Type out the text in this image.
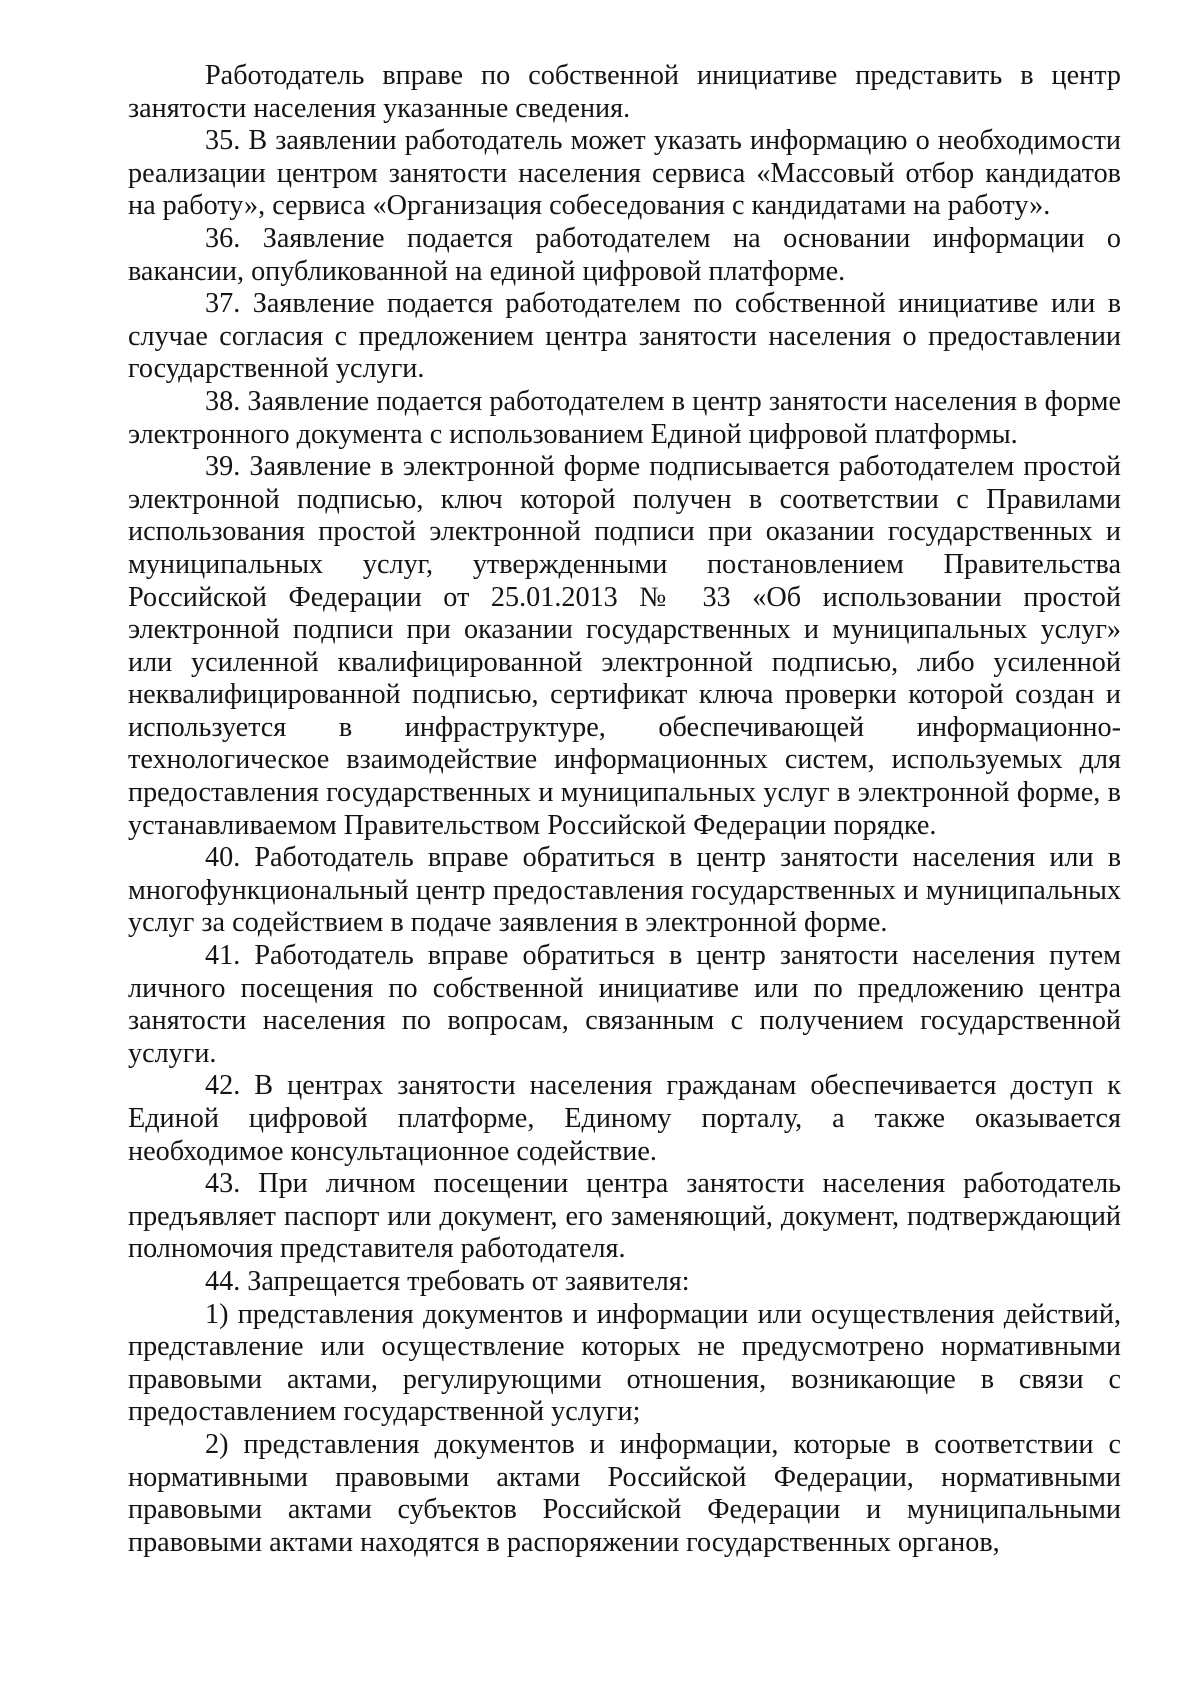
Работодатель вправе по собственной инициативе представить в центр занятости населения указанные сведения.

35. В заявлении работодатель может указать информацию о необходимости реализации центром занятости населения сервиса «Массовый отбор кандидатов на работу», сервиса «Организация собеседования с кандидатами на работу».

36. Заявление подается работодателем на основании информации о вакансии, опубликованной на единой цифровой платформе.

37. Заявление подается работодателем по собственной инициативе или в случае согласия с предложением центра занятости населения о предоставлении государственной услуги.

38. Заявление подается работодателем в центр занятости населения в форме электронного документа с использованием Единой цифровой платформы.

39. Заявление в электронной форме подписывается работодателем простой электронной подписью, ключ которой получен в соответствии с Правилами использования простой электронной подписи при оказании государственных и муниципальных услуг, утвержденными постановлением Правительства Российской Федерации от 25.01.2013 № 33 «Об использовании простой электронной подписи при оказании государственных и муниципальных услуг» или усиленной квалифицированной электронной подписью, либо усиленной неквалифицированной подписью, сертификат ключа проверки которой создан и используется в инфраструктуре, обеспечивающей информационно-технологическое взаимодействие информационных систем, используемых для предоставления государственных и муниципальных услуг в электронной форме, в устанавливаемом Правительством Российской Федерации порядке.

40. Работодатель вправе обратиться в центр занятости населения или в многофункциональный центр предоставления государственных и муниципальных услуг за содействием в подаче заявления в электронной форме.

41. Работодатель вправе обратиться в центр занятости населения путем личного посещения по собственной инициативе или по предложению центра занятости населения по вопросам, связанным с получением государственной услуги.

42. В центрах занятости населения гражданам обеспечивается доступ к Единой цифровой платформе, Единому порталу, а также оказывается необходимое консультационное содействие.

43. При личном посещении центра занятости населения работодатель предъявляет паспорт или документ, его заменяющий, документ, подтверждающий полномочия представителя работодателя.

44. Запрещается требовать от заявителя:

1) представления документов и информации или осуществления действий, представление или осуществление которых не предусмотрено нормативными правовыми актами, регулирующими отношения, возникающие в связи с предоставлением государственной услуги;

2) представления документов и информации, которые в соответствии с нормативными правовыми актами Российской Федерации, нормативными правовыми актами субъектов Российской Федерации и муниципальными правовыми актами находятся в распоряжении государственных органов,
